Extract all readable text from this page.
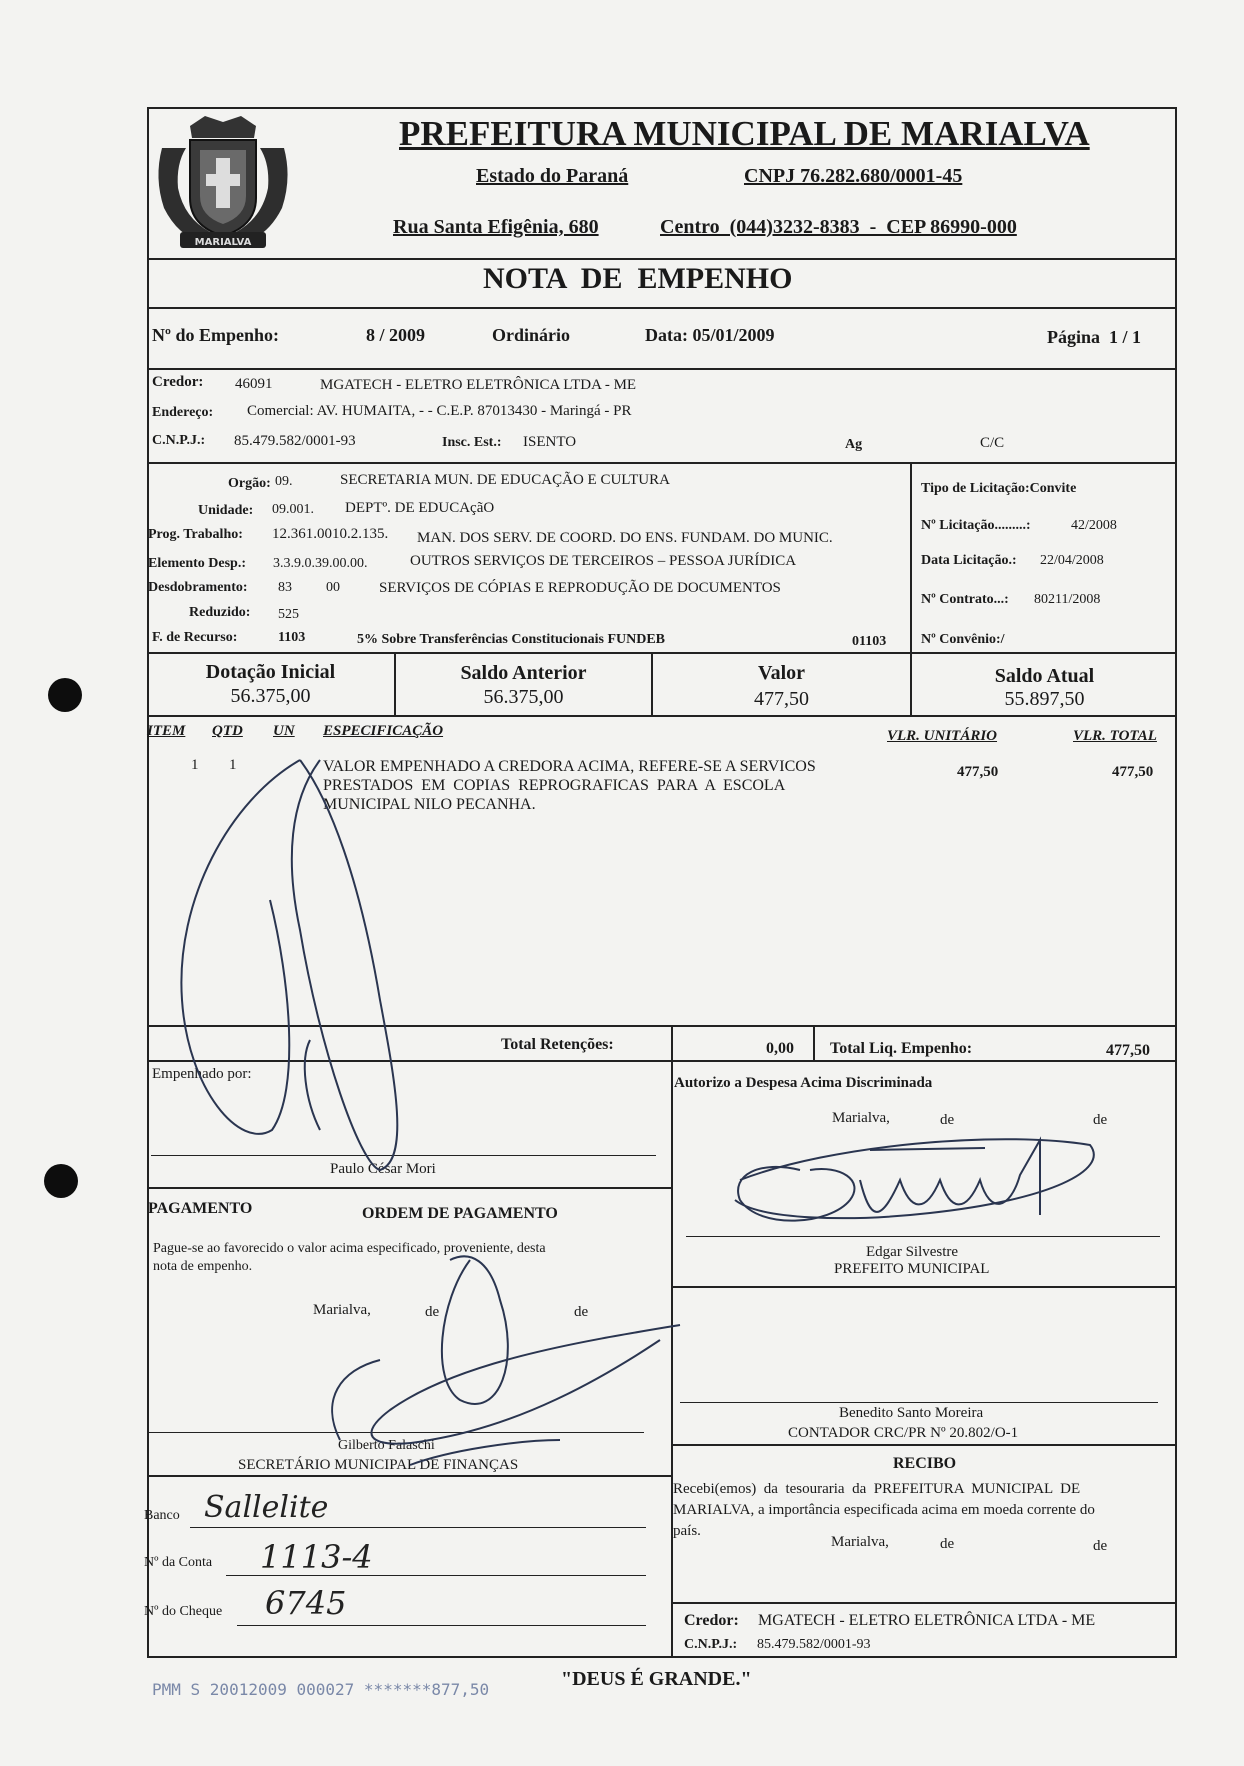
MARIALVA
PREFEITURA MUNICIPAL DE MARIALVA
Estado do Paraná	CNPJ 76.282.680/0001-45
Rua Santa Efigênia, 680	Centro  (044)3232-8383  -  CEP 86990-000
NOTA  DE  EMPENHO
Nº do Empenho:	8 / 2009	Ordinário	Data: 05/01/2009	Página  1 / 1
Credor: 46091	MGATECH - ELETRO ELETRÔNICA LTDA - ME
Endereço: Comercial: AV. HUMAITA, - - C.E.P. 87013430 - Maringá - PR
C.N.P.J.: 85.479.582/0001-93	Insc. Est.: ISENTO	Ag	C/C
Orgão: 09.	SECRETARIA MUN. DE EDUCAÇÃO E CULTURA
Unidade: 09.001. DEPTº. DE EDUCAçãO
Prog. Trabalho: 12.361.0010.2.135. MAN. DOS SERV. DE COORD. DO ENS. FUNDAM. DO MUNIC.
Elemento Desp.: 3.3.9.0.39.00.00.	OUTROS SERVIÇOS DE TERCEIROS – PESSOA JURÍDICA
Desdobramento: 83 00	SERVIÇOS DE CÓPIAS E REPRODUÇÃO DE DOCUMENTOS
Reduzido: 525
F. de Recurso:	1103	5% Sobre Transferências Constitucionais FUNDEB	01103
Tipo de Licitação:Convite
Nº Licitação.........:	42/2008
Data Licitação.: 22/04/2008
Nº Contrato...: 80211/2008
Nº Convênio:/
Dotação Inicial
56.375,00
Saldo Anterior
56.375,00
Valor
477,50
Saldo Atual
55.897,50
ITEM QTD UN ESPECIFICAÇÃO	VLR. UNITÁRIO	VLR. TOTAL
1 1	VALOR EMPENHADO A CREDORA ACIMA, REFERE-SE A SERVICOS
PRESTADOS  EM  COPIAS  REPROGRAFICAS  PARA  A  ESCOLA
MUNICIPAL NILO PECANHA.
477,50	477,50
Total Retenções:	0,00 Total Liq. Empenho:	477,50
Empenhado por:
Paulo César Mori
PAGAMENTO	ORDEM DE PAGAMENTO
Pague-se ao favorecido o valor acima especificado, proveniente, desta
nota de empenho.
Marialva,	de	de
Gilberto Falaschi
SECRETÁRIO MUNICIPAL DE FINANÇAS
Banco Sallelite
Nº da Conta 1113-4
Nº do Cheque 6745
Autorizo a Despesa Acima Discriminada
Marialva,	de	de
Edgar Silvestre
PREFEITO MUNICIPAL
Benedito Santo Moreira
CONTADOR CRC/PR Nº 20.802/O-1
RECIBO
Recebi(emos)  da  tesouraria  da  PREFEITURA  MUNICIPAL  DE
MARIALVA, a importância especificada acima em moeda corrente do
país.
Marialva,	de	de
Credor: MGATECH - ELETRO ELETRÔNICA LTDA - ME
C.N.P.J.: 85.479.582/0001-93
PMM S 20012009 000027 *******877,50	"DEUS É GRANDE."
